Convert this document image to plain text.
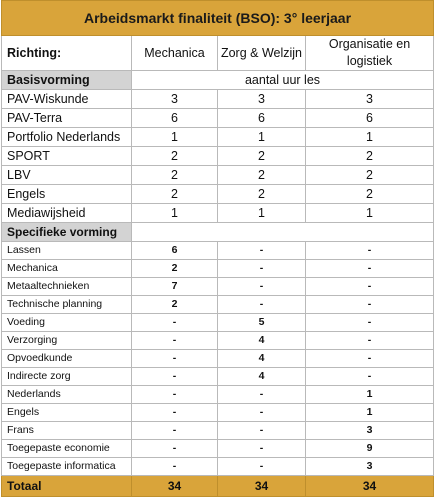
Arbeidsmarkt finaliteit (BSO): 3° leerjaar			
Richting:	Mechanica	Zorg & Welzijn	Organisatie en logistiek
Basisvorming	aantal uur les		
PAV-Wiskunde	3	3	3
PAV-Terra	6	6	6
Portfolio Nederlands	1	1	1
SPORT	2	2	2
LBV	2	2	2
Engels	2	2	2
Mediawijsheid	1	1	1
Specifieke vorming			
Lassen	6	-	-
Mechanica	2	-	-
Metaaltechnieken	7	-	-
Technische planning	2	-	-
Voeding	-	5	-
Verzorging	-	4	-
Opvoedkunde	-	4	-
Indirecte zorg	-	4	-
Nederlands	-	-	1
Engels	-	-	1
Frans	-	-	3
Toegepaste economie	-	-	9
Toegepaste informatica	-	-	3
Totaal	34	34	34
